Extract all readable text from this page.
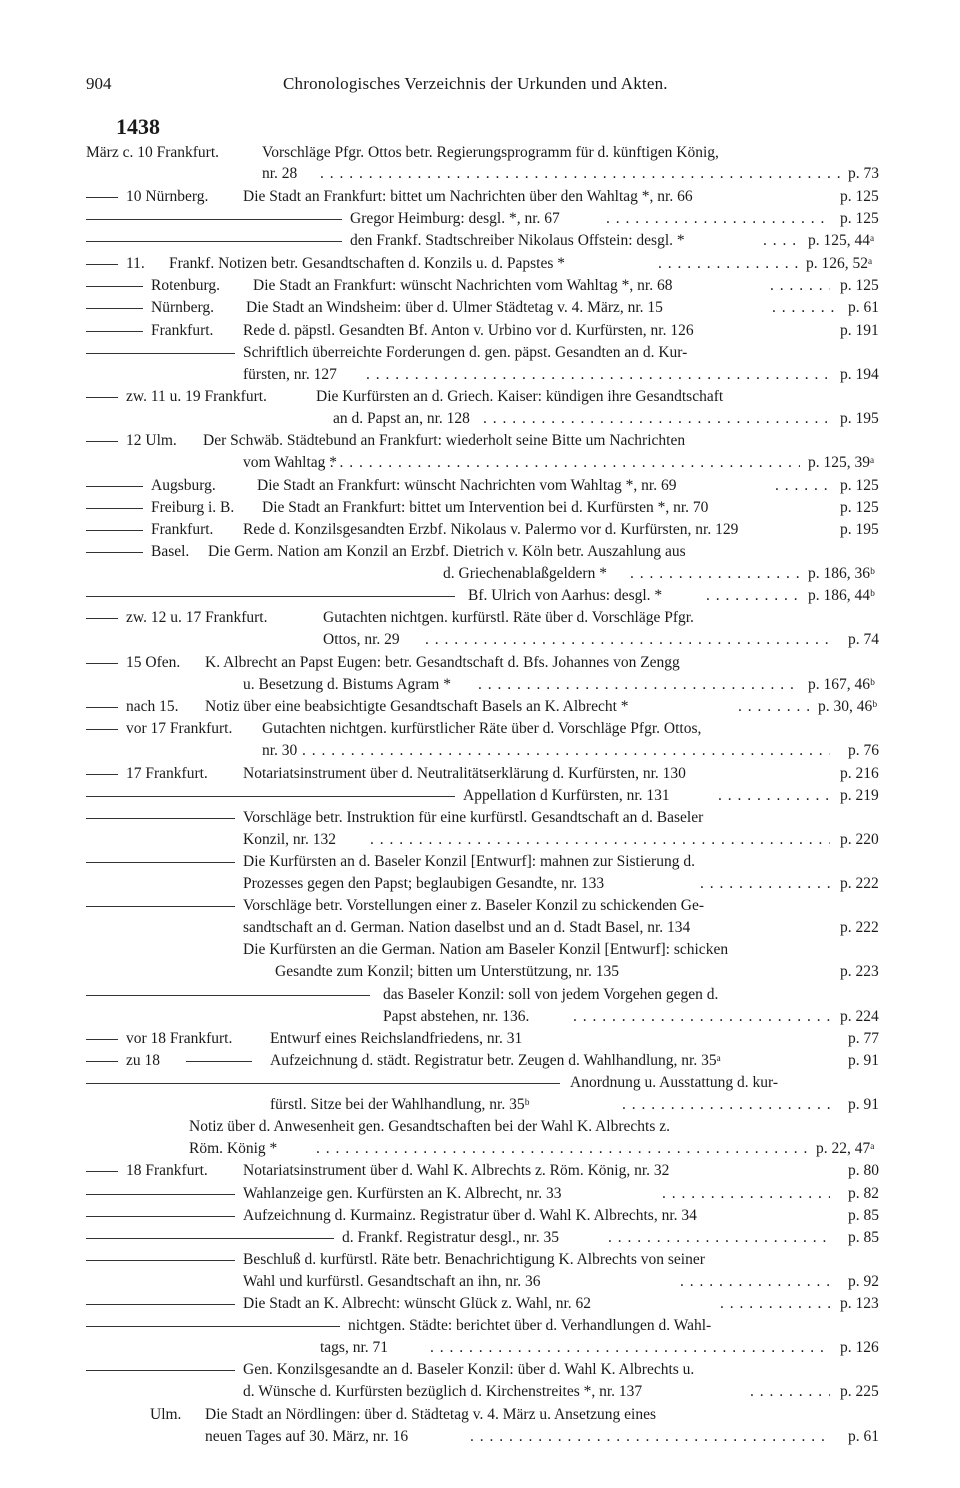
904	Chronologisches Verzeichnis der Urkunden und Akten.
1438
März c. 10 Frankfurt.	Vorschläge Pfgr. Ottos betr. Regierungsprogramm für d. künftigen König,
nr. 28 . . .	p. 73
10 Nürnberg. Die Stadt an Frankfurt: bittet um Nachrichten über den Wahltag *, nr. 66	p. 125
Gregor Heimburg: desgl. *, nr. 67 . . .	p. 125
den Frankf. Stadtschreiber Nikolaus Offstein: desgl. * . . .	p. 125, 44ᵃ
11. Frankf. Notizen betr. Gesandtschaften d. Konzils u. d. Papstes * . . .	p. 126, 52ᵃ
Rotenburg. Die Stadt an Frankfurt: wünscht Nachrichten vom Wahltag *, nr. 68 . . .	p. 125
Nürnberg. Die Stadt an Windsheim: über d. Ulmer Städtetag v. 4. März, nr. 15 . . .	p. 61
Frankfurt. Rede d. päpstl. Gesandten Bf. Anton v. Urbino vor d. Kurfürsten, nr. 126	p. 191
Schriftlich überreichte Forderungen d. gen. päpst. Gesandten an d. Kur-
fürsten, nr. 127 . . .	p. 194
zw. 11 u. 19 Frankfurt.	Die Kurfürsten an d. Griech. Kaiser: kündigen ihre Gesandtschaft
an d. Papst an, nr. 128 . . .	p. 195
12 Ulm. Der Schwäb. Städtebund an Frankfurt: wiederholt seine Bitte um Nachrichten
vom Wahltag * . . .	p. 125, 39ᵃ
Augsburg.	Die Stadt an Frankfurt: wünscht Nachrichten vom Wahltag *, nr. 69 . . .	p. 125
Freiburg i. B. Die Stadt an Frankfurt: bittet um Intervention bei d. Kurfürsten *, nr. 70	p. 125
Frankfurt. Rede d. Konzilsgesandten Erzbf. Nikolaus v. Palermo vor d. Kurfürsten, nr. 129	p. 195
Basel. Die Germ. Nation am Konzil an Erzbf. Dietrich v. Köln betr. Auszahlung aus
d. Griechenablaßgeldern * . . .	p. 186, 36ᵇ
Bf. Ulrich von Aarhus: desgl. * . . .	p. 186, 44ᵇ
zw. 12 u. 17 Frankfurt.	Gutachten nichtgen. kurfürstl. Räte über d. Vorschläge Pfgr.
Ottos, nr. 29 . . .	p. 74
15 Ofen. K. Albrecht an Papst Eugen: betr. Gesandtschaft d. Bfs. Johannes von Zengg
u. Besetzung d. Bistums Agram * . . .	p. 167, 46ᵇ
nach 15. Notiz über eine beabsichtigte Gesandtschaft Basels an K. Albrecht * . . .	p. 30, 46ᵇ
vor 17 Frankfurt. Gutachten nichtgen. kurfürstlicher Räte über d. Vorschläge Pfgr. Ottos,
nr. 30 . . .	p. 76
17 Frankfurt. Notariatsinstrument über d. Neutralitätserklärung d. Kurfürsten, nr. 130	p. 216
Appellation d Kurfürsten, nr. 131 . . .	p. 219
Vorschläge betr. Instruktion für eine kurfürstl. Gesandtschaft an d. Baseler
Konzil, nr. 132 . . .	p. 220
Die Kurfürsten an d. Baseler Konzil [Entwurf]: mahnen zur Sistierung d.
Prozesses gegen den Papst; beglaubigen Gesandte, nr. 133 . . .	p. 222
Vorschläge betr. Vorstellungen einer z. Baseler Konzil zu schickenden Ge-
sandtschaft an d. German. Nation daselbst und an d. Stadt Basel, nr. 134	p. 222
Die Kurfürsten an die German. Nation am Baseler Konzil [Entwurf]: schicken
Gesandte zum Konzil; bitten um Unterstützung, nr. 135	p. 223
das Baseler Konzil: soll von jedem Vorgehen gegen d.
Papst abstehen, nr. 136. . . .	p. 224
vor 18 Frankfurt. Entwurf eines Reichslandfriedens, nr. 31	p. 77
zu 18	Aufzeichnung d. städt. Registratur betr. Zeugen d. Wahlhandlung, nr. 35ᵃ	p. 91
Anordnung u. Ausstattung d. kur-
fürstl. Sitze bei der Wahlhandlung, nr. 35ᵇ . . .	p. 91
Notiz über d. Anwesenheit gen. Gesandtschaften bei der Wahl K. Albrechts z.
Röm. König * . . .	p. 22, 47ᵃ
18 Frankfurt. Notariatsinstrument über d. Wahl K. Albrechts z. Röm. König, nr. 32	p. 80
Wahlanzeige gen. Kurfürsten an K. Albrecht, nr. 33 . . .	p. 82
Aufzeichnung d. Kurmainz. Registratur über d. Wahl K. Albrechts, nr. 34	p. 85
d. Frankf. Registratur desgl., nr. 35 . . .	p. 85
Beschluß d. kurfürstl. Räte betr. Benachrichtigung K. Albrechts von seiner
Wahl und kurfürstl. Gesandtschaft an ihn, nr. 36 . . .	p. 92
Die Stadt an K. Albrecht: wünscht Glück z. Wahl, nr. 62 . . .	p. 123
nichtgen. Städte: berichtet über d. Verhandlungen d. Wahl-
tags, nr. 71 . . .	p. 126
Gen. Konzilsgesandte an d. Baseler Konzil: über d. Wahl K. Albrechts u.
d. Wünsche d. Kurfürsten bezüglich d. Kirchenstreites *, nr. 137 . . .	p. 225
Ulm. Die Stadt an Nördlingen: über d. Städtetag v. 4. März u. Ansetzung eines
neuen Tages auf 30. März, nr. 16 . . .	p. 61
